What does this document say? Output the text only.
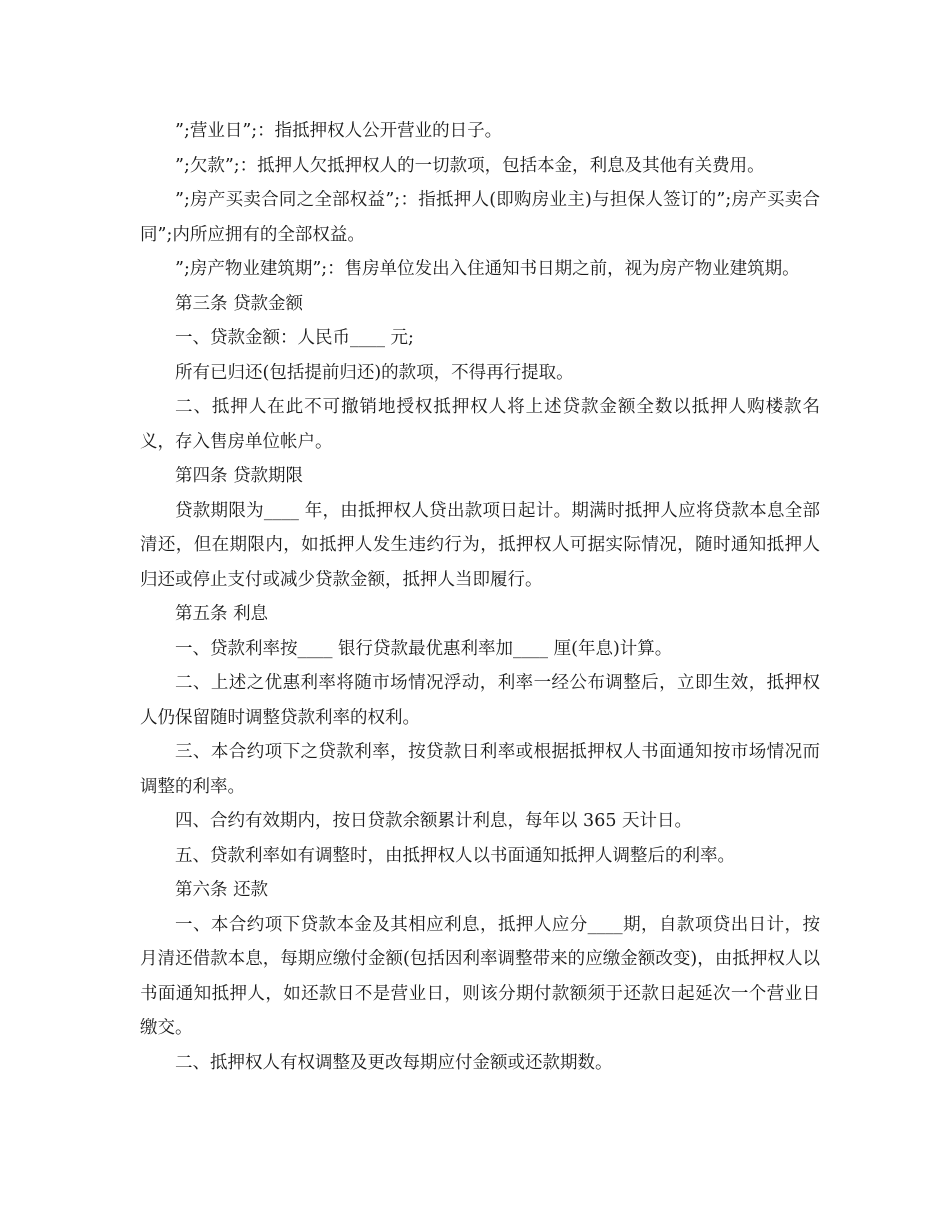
”;营业日”;：指抵押权人公开营业的日子。

”;欠款”;：抵押人欠抵押权人的一切款项，包括本金，利息及其他有关费用。

”;房产买卖合同之全部权益”;：指抵押人(即购房业主)与担保人签订的”;房产买卖合同”;内所应拥有的全部权益。

”;房产物业建筑期”;：售房单位发出入住通知书日期之前，视为房产物业建筑期。

第三条 贷款金额

一、贷款金额：人民币____ 元;

所有已归还(包括提前归还)的款项，不得再行提取。

二、抵押人在此不可撤销地授权抵押权人将上述贷款金额全数以抵押人购楼款名义，存入售房单位帐户。

第四条 贷款期限

贷款期限为____ 年，由抵押权人贷出款项日起计。期满时抵押人应将贷款本息全部清还，但在期限内，如抵押人发生违约行为，抵押权人可据实际情况，随时通知抵押人归还或停止支付或减少贷款金额，抵押人当即履行。

第五条 利息

一、贷款利率按____ 银行贷款最优惠利率加____ 厘(年息)计算。

二、上述之优惠利率将随市场情况浮动，利率一经公布调整后，立即生效，抵押权人仍保留随时调整贷款利率的权利。

三、本合约项下之贷款利率，按贷款日利率或根据抵押权人书面通知按市场情况而调整的利率。

四、合约有效期内，按日贷款余额累计利息，每年以 365 天计日。

五、贷款利率如有调整时，由抵押权人以书面通知抵押人调整后的利率。

第六条 还款

一、本合约项下贷款本金及其相应利息，抵押人应分____期，自款项贷出日计，按月清还借款本息，每期应缴付金额(包括因利率调整带来的应缴金额改变)，由抵押权人以书面通知抵押人，如还款日不是营业日，则该分期付款额须于还款日起延次一个营业日缴交。

二、抵押权人有权调整及更改每期应付金额或还款期数。
